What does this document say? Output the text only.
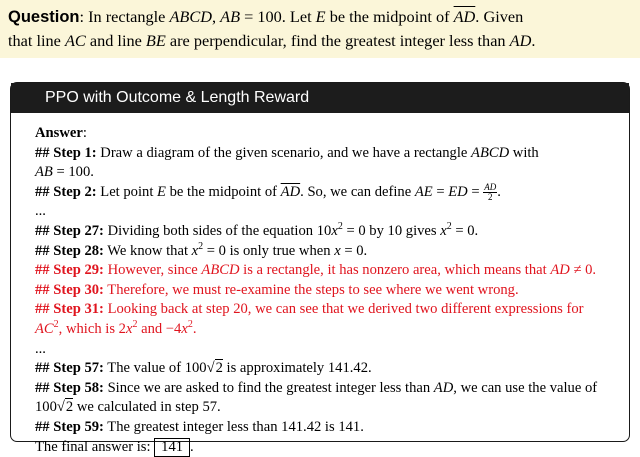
Question: In rectangle ABCD, AB = 100. Let E be the midpoint of $\overline{AD}$. Given
that line AC and line BE are perpendicular, find the greatest integer less than AD.
PPO with Outcome & Length Reward
Answer:
## Step 1: Draw a diagram of the given scenario, and we have a rectangle ABCD with
AB = 100.
## Step 2: Let point E be the midpoint of $\overline{AD}$. So, we can define AE = ED = $\frac{AD}{2}$ .
...
## Step 27: Dividing both sides of the equation $10x^2 = 0$ by 10 gives $x^2 = 0$.
## Step 28: We know that $x^2 = 0$ is only true when x = 0.
## Step 29: However, since ABCD is a rectangle, it has nonzero area, which means that AD ≠ 0.
## Step 30: Therefore, we must re-examine the steps to see where we went wrong.
## Step 31: Looking back at step 20, we can see that we derived two different expressions for
$AC^2$, which is $2x^2$ and $-4x^2$.
...
## Step 57: The value of 100√2 is approximately 141.42.
## Step 58: Since we are asked to find the greatest integer less than AD, we can use the value of
100√2 we calculated in step 57.
## Step 59: The greatest integer less than 141.42 is 141.
The final answer is: 141 .
